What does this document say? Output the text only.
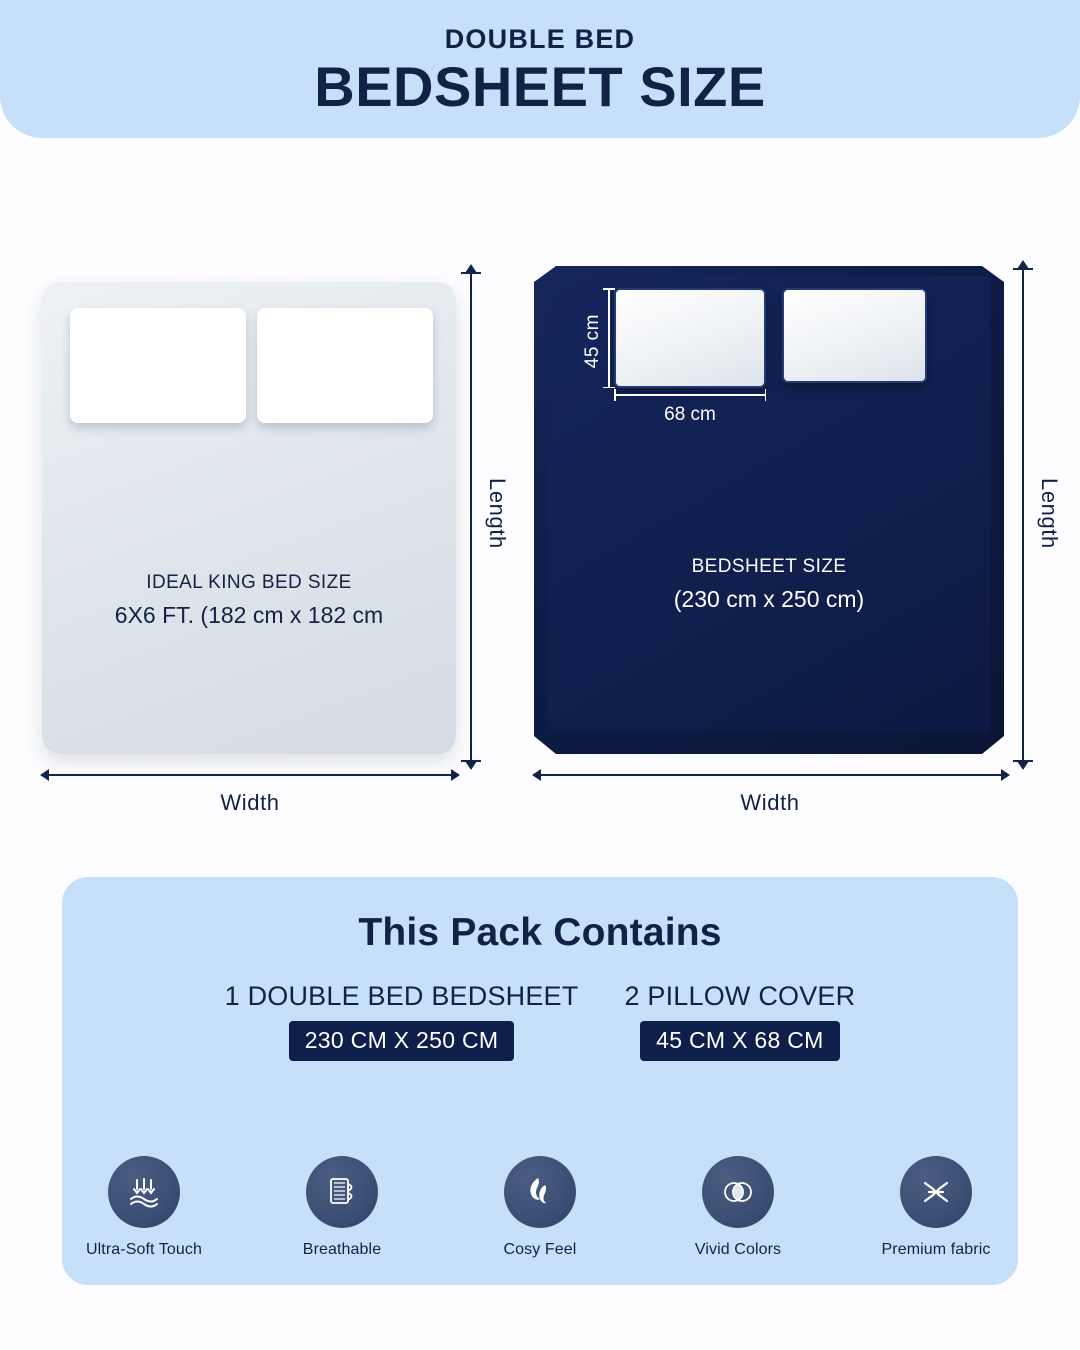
DOUBLE BED
BEDSHEET SIZE
IDEAL KING BED SIZE
6X6 FT. (182 cm x 182 cm
Length
Width
45 cm
68 cm
BEDSHEET SIZE
(230 cm x 250 cm)
Length
Width
This Pack Contains
1 DOUBLE BED BEDSHEET
230 CM X 250 CM
2 PILLOW COVER
45 CM X 68 CM
Ultra-Soft Touch	Breathable	Cosy Feel	Vivid Colors	Premium fabric
